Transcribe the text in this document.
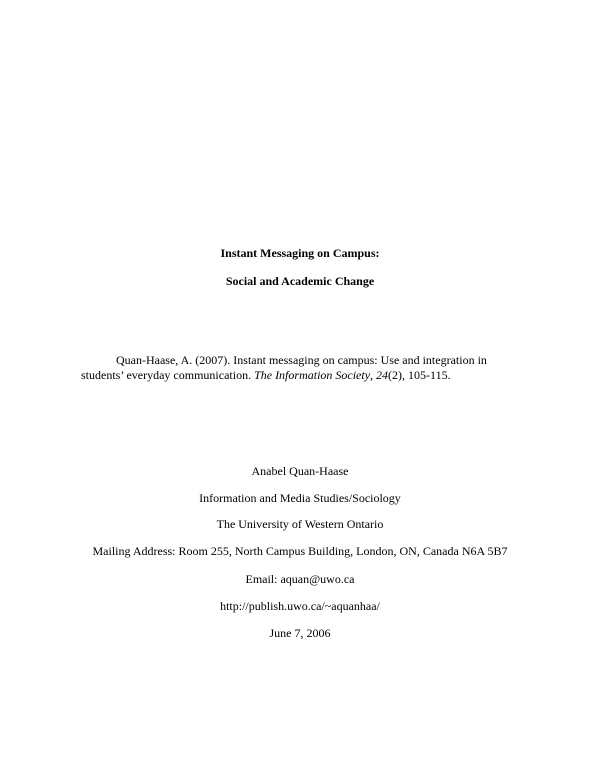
Instant Messaging on Campus:
Social and Academic Change
Quan-Haase, A. (2007). Instant messaging on campus: Use and integration in students’ everyday communication. The Information Society, 24(2), 105-115.
Anabel Quan-Haase
Information and Media Studies/Sociology
The University of Western Ontario
Mailing Address: Room 255, North Campus Building, London, ON, Canada N6A 5B7
Email: aquan@uwo.ca
http://publish.uwo.ca/~aquanhaa/
June 7, 2006
